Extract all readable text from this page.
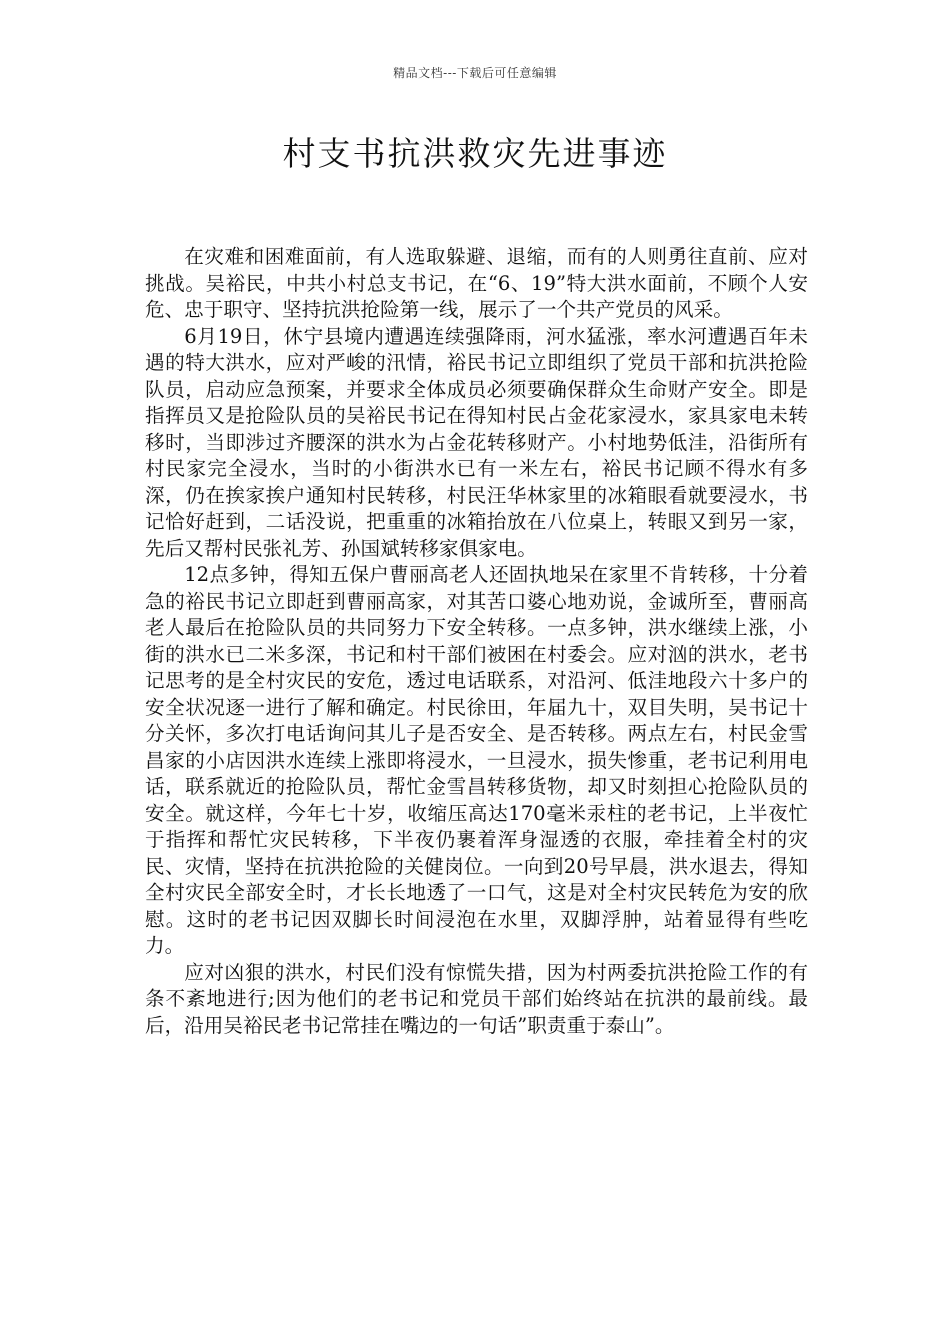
精品文档---下载后可任意编辑
村支书抗洪救灾先进事迹

在灾难和困难面前，有人选取躲避、退缩，而有的人则勇往直前、应对挑战。吴裕民，中共小村总支书记，在“6、19”特大洪水面前，不顾个人安危、忠于职守、坚持抗洪抢险第一线，展示了一个共产党员的风采。

6月19日，休宁县境内遭遇连续强降雨，河水猛涨，率水河遭遇百年未遇的特大洪水，应对严峻的汛情，裕民书记立即组织了党员干部和抗洪抢险队员，启动应急预案，并要求全体成员必须要确保群众生命财产安全。即是指挥员又是抢险队员的吴裕民书记在得知村民占金花家浸水，家具家电未转移时，当即涉过齐腰深的洪水为占金花转移财产。小村地势低洼，沿街所有村民家完全浸水，当时的小街洪水已有一米左右，裕民书记顾不得水有多深，仍在挨家挨户通知村民转移，村民汪华林家里的冰箱眼看就要浸水，书记恰好赶到，二话没说，把重重的冰箱抬放在八位桌上，转眼又到另一家，先后又帮村民张礼芳、孙国斌转移家俱家电。

12点多钟，得知五保户曹丽高老人还固执地呆在家里不肯转移，十分着急的裕民书记立即赶到曹丽高家，对其苦口婆心地劝说，金诚所至，曹丽高老人最后在抢险队员的共同努力下安全转移。一点多钟，洪水继续上涨，小街的洪水已二米多深，书记和村干部们被困在村委会。应对汹的洪水，老书记思考的是全村灾民的安危，透过电话联系，对沿河、低洼地段六十多户的安全状况逐一进行了解和确定。村民徐田，年届九十，双目失明，吴书记十分关怀，多次打电话询问其儿子是否安全、是否转移。两点左右，村民金雪昌家的小店因洪水连续上涨即将浸水，一旦浸水，损失惨重，老书记利用电话，联系就近的抢险队员，帮忙金雪昌转移货物，却又时刻担心抢险队员的安全。就这样，今年七十岁，收缩压高达170毫米汞柱的老书记，上半夜忙于指挥和帮忙灾民转移，下半夜仍裹着浑身湿透的衣服，牵挂着全村的灾民、灾情，坚持在抗洪抢险的关健岗位。一向到20号早晨，洪水退去，得知全村灾民全部安全时，才长长地透了一口气，这是对全村灾民转危为安的欣慰。这时的老书记因双脚长时间浸泡在水里，双脚浮肿，站着显得有些吃力。

应对凶狠的洪水，村民们没有惊慌失措，因为村两委抗洪抢险工作的有条不紊地进行;因为他们的老书记和党员干部们始终站在抗洪的最前线。最后，沿用吴裕民老书记常挂在嘴边的一句话”职责重于泰山”。
